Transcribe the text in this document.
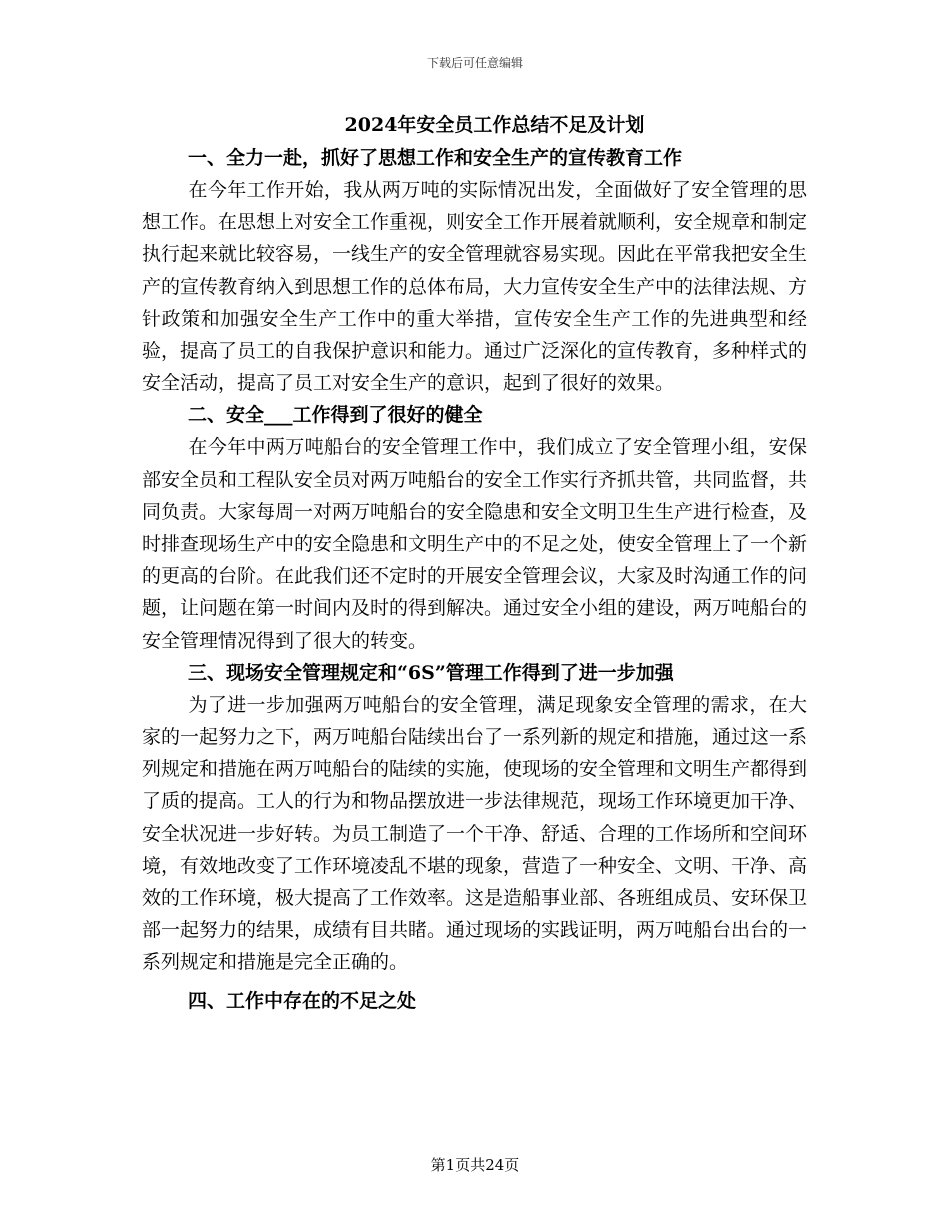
下载后可任意编辑
2024年安全员工作总结不足及计划
一、全力一赴，抓好了思想工作和安全生产的宣传教育工作

在今年工作开始，我从两万吨的实际情况出发，全面做好了安全管理的思想工作。在思想上对安全工作重视，则安全工作开展着就顺利，安全规章和制定执行起来就比较容易，一线生产的安全管理就容易实现。因此在平常我把安全生产的宣传教育纳入到思想工作的总体布局，大力宣传安全生产中的法律法规、方针政策和加强安全生产工作中的重大举措，宣传安全生产工作的先进典型和经验，提高了员工的自我保护意识和能力。通过广泛深化的宣传教育，多种样式的安全活动，提高了员工对安全生产的意识，起到了很好的效果。

二、安全___工作得到了很好的健全

在今年中两万吨船台的安全管理工作中，我们成立了安全管理小组，安保部安全员和工程队安全员对两万吨船台的安全工作实行齐抓共管，共同监督，共同负责。大家每周一对两万吨船台的安全隐患和安全文明卫生生产进行检查，及时排查现场生产中的安全隐患和文明生产中的不足之处，使安全管理上了一个新的更高的台阶。在此我们还不定时的开展安全管理会议，大家及时沟通工作的问题，让问题在第一时间内及时的得到解决。通过安全小组的建设，两万吨船台的安全管理情况得到了很大的转变。

三、现场安全管理规定和“6S”管理工作得到了进一步加强

为了进一步加强两万吨船台的安全管理，满足现象安全管理的需求，在大家的一起努力之下，两万吨船台陆续出台了一系列新的规定和措施，通过这一系列规定和措施在两万吨船台的陆续的实施，使现场的安全管理和文明生产都得到了质的提高。工人的行为和物品摆放进一步法律规范，现场工作环境更加干净、安全状况进一步好转。为员工制造了一个干净、舒适、合理的工作场所和空间环境，有效地改变了工作环境凌乱不堪的现象，营造了一种安全、文明、干净、高效的工作环境，极大提高了工作效率。这是造船事业部、各班组成员、安环保卫部一起努力的结果，成绩有目共睹。通过现场的实践证明，两万吨船台出台的一系列规定和措施是完全正确的。

四、工作中存在的不足之处
第1页共24页
